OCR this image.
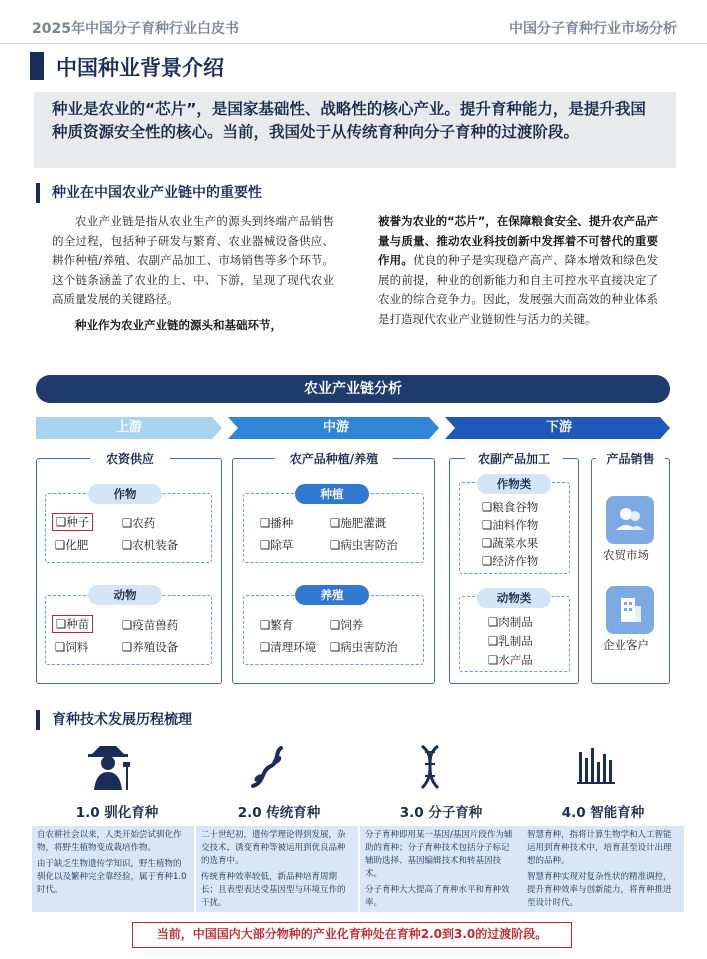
2025年中国分子育种行业白皮书	中国分子育种行业市场分析
中国种业背景介绍
种业是农业的“芯片”，是国家基础性、战略性的核心产业。提升育种能力，是提升我国种质资源安全性的核心。当前，我国处于从传统育种向分子育种的过渡阶段。
种业在中国农业产业链中的重要性
农业产业链是指从农业生产的源头到终端产品销售的全过程，包括种子研发与繁育、农业器械设备供应、耕作种植/养殖、农副产品加工、市场销售等多个环节。这个链条涵盖了农业的上、中、下游，呈现了现代农业高质量发展的关键路径。
种业作为农业产业链的源头和基础环节，
被誉为农业的“芯片”，在保障粮食安全、提升农产品产量与质量、推动农业科技创新中发挥着不可替代的重要作用。优良的种子是实现稳产高产、降本增效和绿色发展的前提，种业的创新能力和自主可控水平直接决定了农业的综合竞争力。因此，发展强大而高效的种业体系是打造现代农业产业链韧性与活力的关键。
农业产业链分析
上游	中游	下游
农资供应
作物
❑种子	❑农药
❑化肥	❑农机装备
动物
❑种苗	❑疫苗兽药
❑饲料	❑养殖设备
农产品种植/养殖
种植
❑播种	❑施肥灌溉
❑除草	❑病虫害防治
养殖
❑繁育	❑饲养
❑清理环境 ❑病虫害防治
农副产品加工
作物类
❑粮食谷物
❑油料作物
❑蔬菜水果
❑经济作物
动物类
❑肉制品
❑乳制品
❑水产品
产品销售
农贸市场
企业客户
育种技术发展历程梳理
1.0 驯化育种	2.0 传统育种	3.0 分子育种	4.0 智能育种

自农耕社会以来，人类开始尝试驯化作物，将野生植物变成栽培作物。

由于缺乏生物遗传学知识，野生植物的驯化以及繁种完全靠经验，属于育种1.0时代。

二十世纪初，遗传学理论得到发展，杂交技术、诱变育种等被运用到优良品种的选育中。

传统育种效率较低，新品种培育周期长；且表型表达受基因型与环境互作的干扰。

分子育种即用某一基因/基因片段作为辅助的育种；分子育种技术包括分子标记辅助选择、基因编辑技术和转基因技术。

分子育种大大提高了育种水平和育种效率。

智慧育种，指将计算生物学和人工智能运用到育种技术中，培育甚至设计出理想的品种。

智慧育种实现对复杂性状的精准调控，提升育种效率与创新能力，将育种推进至设计时代。

当前，中国国内大部分物种的产业化育种处在育种2.0到3.0的过渡阶段。
